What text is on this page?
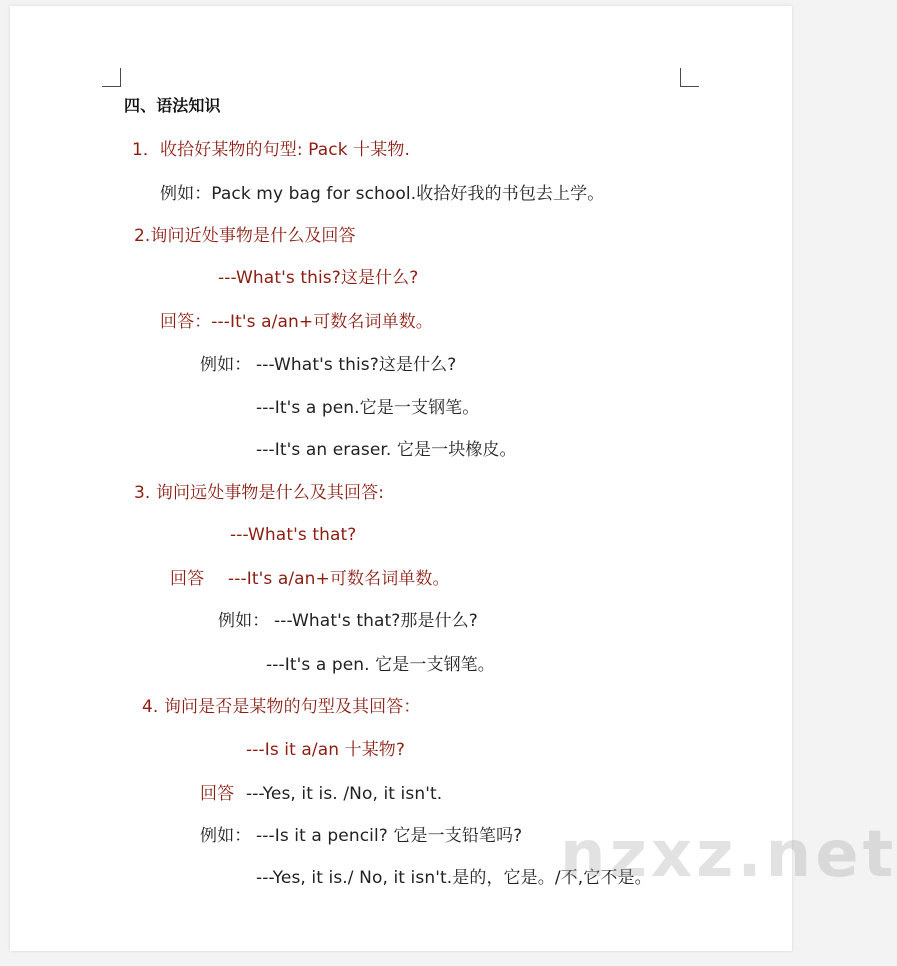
四、语法知识
1．收拾好某物的句型: Pack 十某物.
例如：Pack my bag for school.收拾好我的书包去上学。
2.询问近处事物是什么及回答
---What's this?这是什么?
回答：---It's a/an+可数名词单数。
例如： ---What's this?这是什么?
---It's a pen.它是一支钢笔。
---It's an eraser. 它是一块橡皮。
3. 询问远处事物是什么及其回答:
---What's that?
回答 ---It's a/an+可数名词单数。
例如： ---What's that?那是什么?
---It's a pen. 它是一支钢笔。
4. 询问是否是某物的句型及其回答：
---Is it a/an 十某物?
回答 ---Yes, it is. /No, it isn't.
例如： ---Is it a pencil? 它是一支铅笔吗?
---Yes, it is./ No, it isn't.是的，它是。/不,它不是。
nzxz.net
